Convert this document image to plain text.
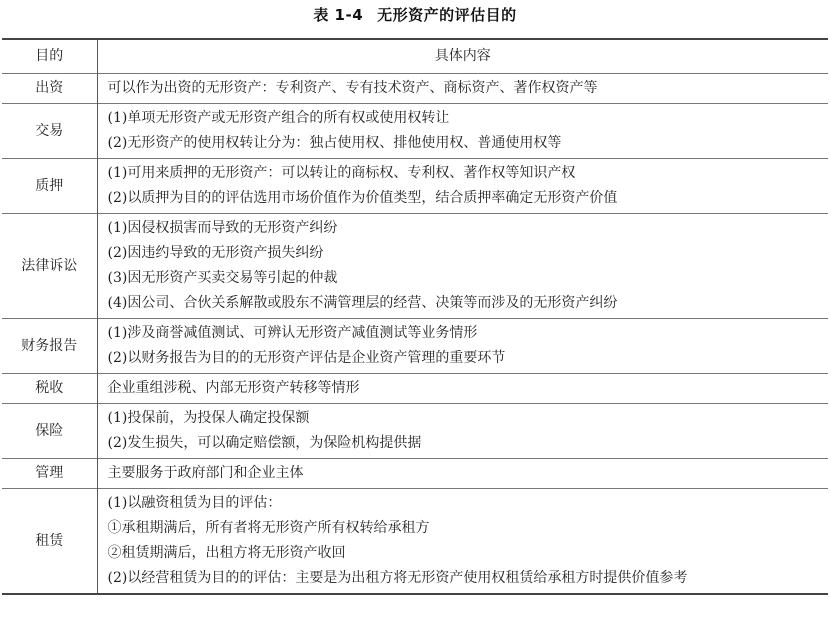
表 1-4 无形资产的评估目的
目的	具体内容
出资	可以作为出资的无形资产：专利资产、专有技术资产、商标资产、著作权资产等

交易	(1)单项无形资产或无形资产组合的所有权或使用权转让
(2)无形资产的使用权转让分为：独占使用权、排他使用权、普通使用权等

质押	(1)可用来质押的无形资产：可以转让的商标权、专利权、著作权等知识产权
(2)以质押为目的的评估选用市场价值作为价值类型，结合质押率确定无形资产价值

法律诉讼	(1)因侵权损害而导致的无形资产纠纷
(2)因违约导致的无形资产损失纠纷
(3)因无形资产买卖交易等引起的仲裁
(4)因公司、合伙关系解散或股东不满管理层的经营、决策等而涉及的无形资产纠纷

财务报告	(1)涉及商誉减值测试、可辨认无形资产减值测试等业务情形
(2)以财务报告为目的的无形资产评估是企业资产管理的重要环节

税收	企业重组涉税、内部无形资产转移等情形

保险	(1)投保前，为投保人确定投保额
(2)发生损失，可以确定赔偿额，为保险机构提供据

管理	主要服务于政府部门和企业主体

租赁	(1)以融资租赁为目的评估：
①承租期满后，所有者将无形资产所有权转给承租方
②租赁期满后，出租方将无形资产收回
(2)以经营租赁为目的的评估：主要是为出租方将无形资产使用权租赁给承租方时提供价值参考
